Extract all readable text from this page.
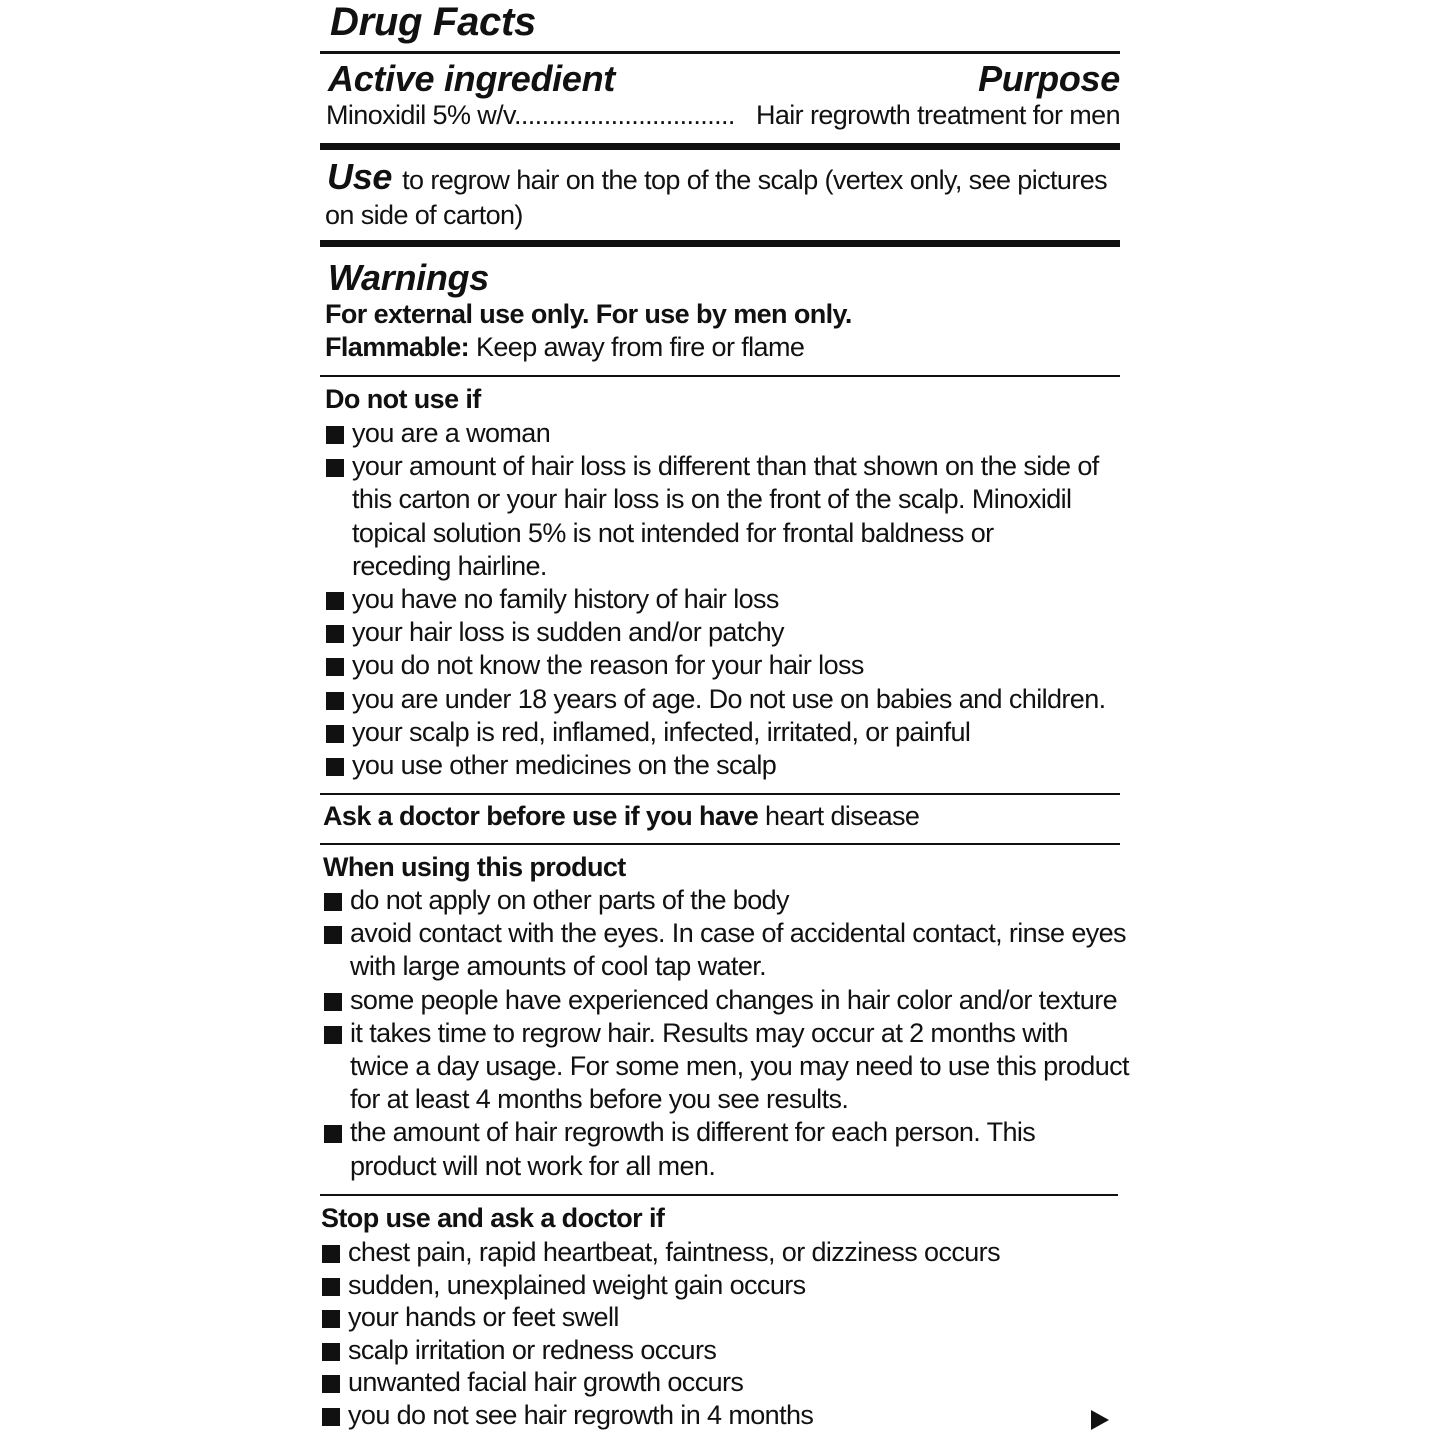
Drug Facts
Active ingredient	Purpose
Minoxidil 5% w/v................................ Hair regrowth treatment for men
Use to regrow hair on the top of the scalp (vertex only, see pictures
on side of carton)
Warnings
For external use only. For use by men only.
Flammable: Keep away from fire or flame
Do not use if
you are a woman
your amount of hair loss is different than that shown on the side of
this carton or your hair loss is on the front of the scalp. Minoxidil
topical solution 5% is not intended for frontal baldness or
receding hairline.
you have no family history of hair loss
your hair loss is sudden and/or patchy
you do not know the reason for your hair loss
you are under 18 years of age. Do not use on babies and children.
your scalp is red, inflamed, infected, irritated, or painful
you use other medicines on the scalp
Ask a doctor before use if you have heart disease
When using this product
do not apply on other parts of the body
avoid contact with the eyes. In case of accidental contact, rinse eyes
with large amounts of cool tap water.
some people have experienced changes in hair color and/or texture
it takes time to regrow hair. Results may occur at 2 months with
twice a day usage. For some men, you may need to use this product
for at least 4 months before you see results.
the amount of hair regrowth is different for each person. This
product will not work for all men.
Stop use and ask a doctor if
chest pain, rapid heartbeat, faintness, or dizziness occurs
sudden, unexplained weight gain occurs
your hands or feet swell
scalp irritation or redness occurs
unwanted facial hair growth occurs
you do not see hair regrowth in 4 months
